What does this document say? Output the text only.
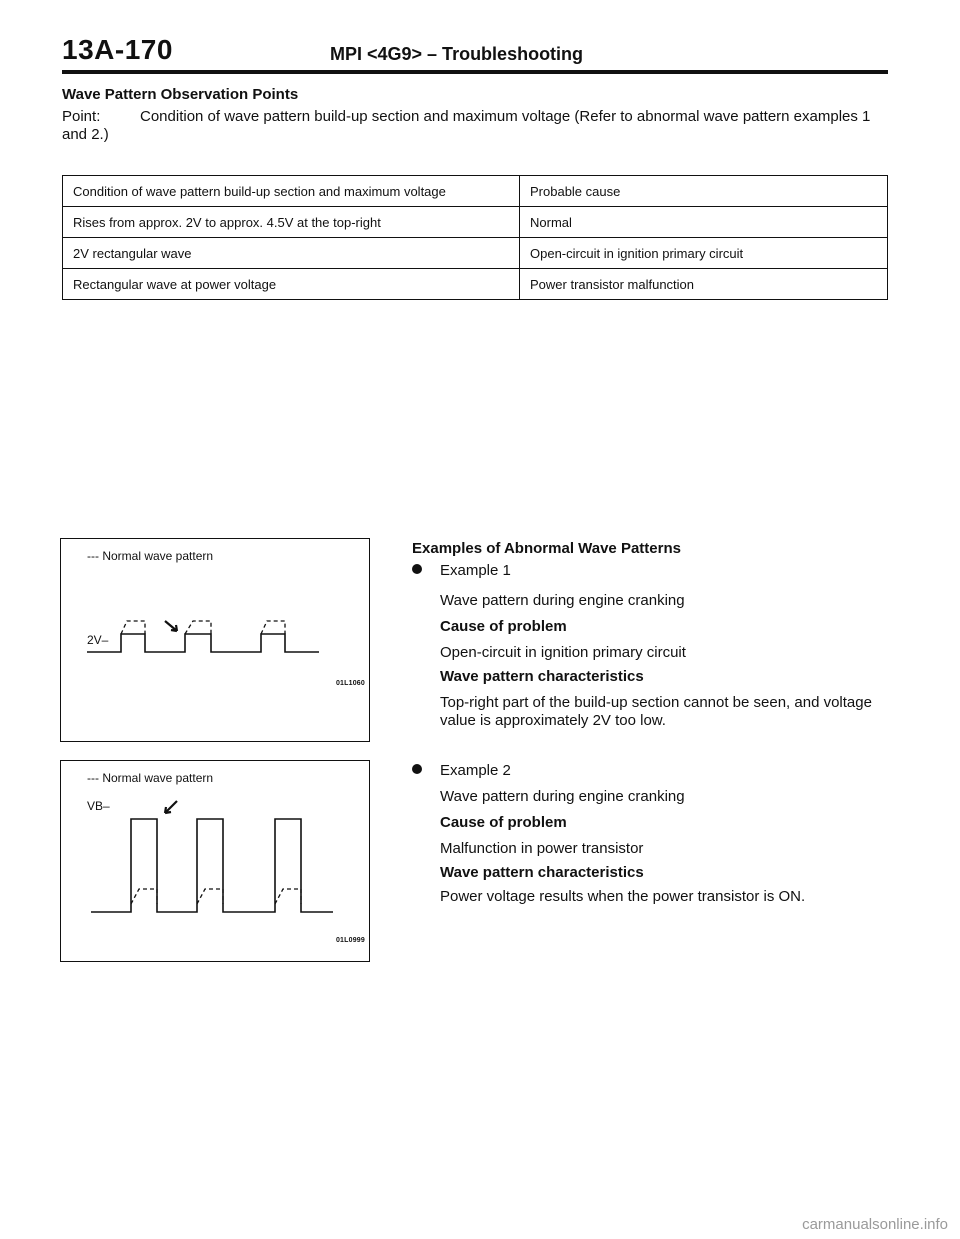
13A-170	MPI <4G9> – Troubleshooting
Wave Pattern Observation Points
Point:	Condition of wave pattern build-up section and maximum voltage (Refer to abnormal wave pattern examples 1 and 2.)
Condition of wave pattern build-up section and maximum voltage	Probable cause
Rises from approx. 2V to approx. 4.5V at the top-right	Normal
2V rectangular wave	Open-circuit in ignition primary circuit
Rectangular wave at power voltage	Power transistor malfunction
--- Normal wave pattern
2V–
01L1060
--- Normal wave pattern
VB–
01L0999
Examples of Abnormal Wave Patterns
Example 1
Wave pattern during engine cranking
Cause of problem
Open-circuit in ignition primary circuit
Wave pattern characteristics
Top-right part of the build-up section cannot be seen, and voltage value is approximately 2V too low.
Example 2
Wave pattern during engine cranking
Cause of problem
Malfunction in power transistor
Wave pattern characteristics
Power voltage results when the power transistor is ON.
carmanualsonline.info
